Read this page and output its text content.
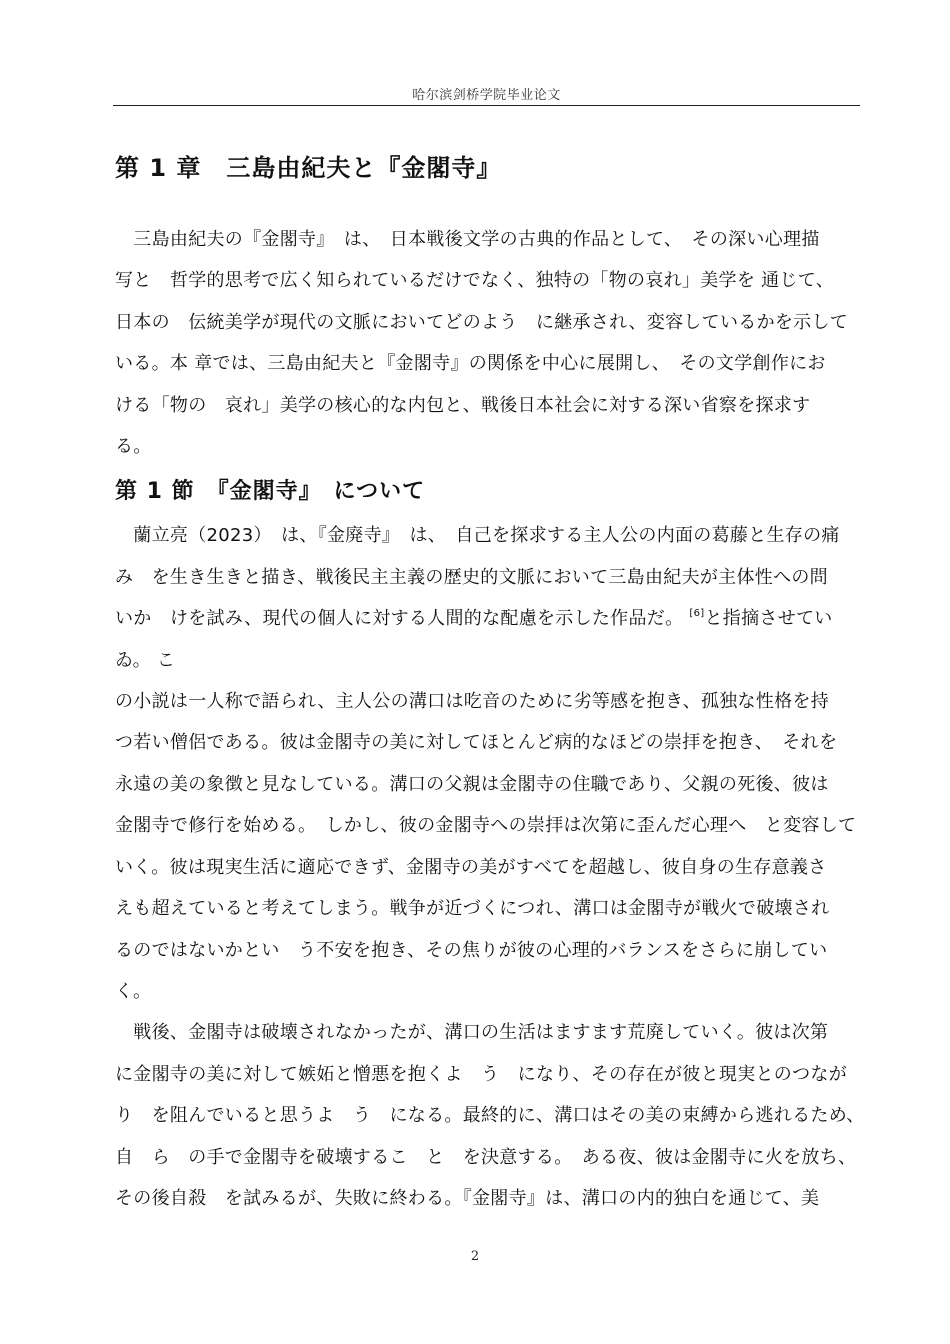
哈尔滨剑桥学院毕业论文
第 1 章　三島由紀夫と『金閣寺』

　三島由紀夫の『金閣寺』　は、　日本戦後文学の古典的作品として、　その深い心理描
写と　哲学的思考で広く知られているだけでなく、独特の「物の哀れ」美学を 通じて、
日本の　伝統美学が現代の文脈においてどのよう　に継承され、変容しているかを示して
いる。本 章では、三島由紀夫と『金閣寺』の関係を中心に展開し、　その文学創作にお
ける「物の　哀れ」美学の核心的な内包と、戦後日本社会に対する深い省察を探求す
る。

第 1 節　『金閣寺』　について

　蘭立亮（2023）　は、『金廃寺』　は、　自己を探求する主人公の内面の葛藤と生存の痛
み　を生き生きと描き、戦後民主主義の歴史的文脈において三島由紀夫が主体性への問
いか　けを試み、現代の個人に対する人間的な配慮を示した作品だ。 [6]と指摘させてい
ゐ。 こ

の小説は一人称で語られ、主人公の溝口は吃音のために劣等感を抱き、孤独な性格を持
つ若い僧侶である。彼は金閣寺の美に対してほとんど病的なほどの崇拝を抱き、　それを
永遠の美の象徴と見なしている。溝口の父親は金閣寺の住職であり、父親の死後、彼は
金閣寺で修行を始める。　しかし、彼の金閣寺への崇拝は次第に歪んだ心理へ　と変容して
いく。彼は現実生活に適応できず、金閣寺の美がすべてを超越し、彼自身の生存意義さ
えも超えていると考えてしまう。戦争が近づくにつれ、溝口は金閣寺が戦火で破壊され
るのではないかとい　う不安を抱き、その焦りが彼の心理的バランスをさらに崩してい
く。

　戦後、金閣寺は破壊されなかったが、溝口の生活はますます荒廃していく。彼は次第
に金閣寺の美に対して嫉妬と憎悪を抱くよ　う　になり、その存在が彼と現実とのつなが
り　を阻んでいると思うよ　う　になる。最終的に、溝口はその美の束縛から逃れるため、
自　ら　の手で金閣寺を破壊するこ　と　を決意する。　ある夜、彼は金閣寺に火を放ち、
その後自殺　を試みるが、失敗に終わる。『金閣寺』は、溝口の内的独白を通じて、美

2
